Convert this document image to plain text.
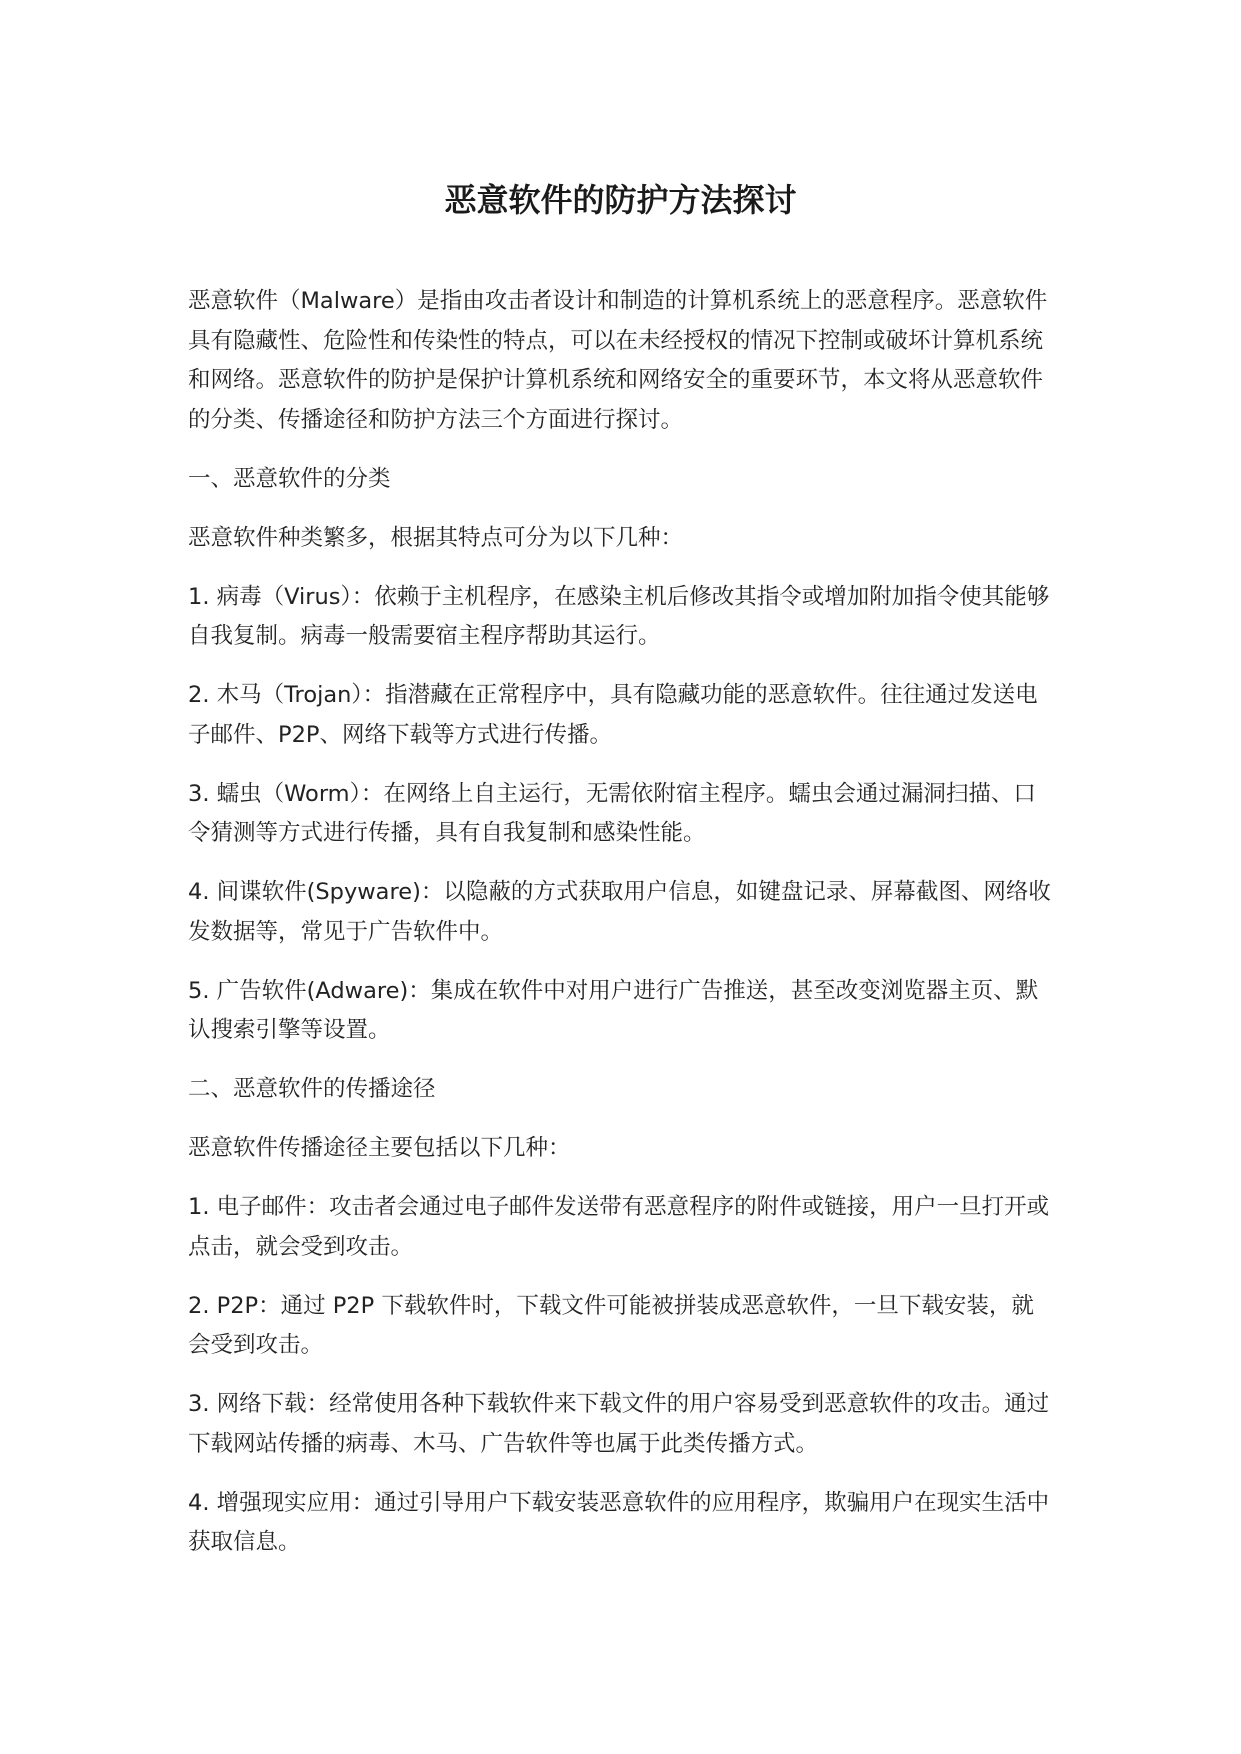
恶意软件的防护方法探讨

恶意软件（Malware）是指由攻击者设计和制造的计算机系统上的恶意程序。恶意软件具有隐藏性、危险性和传染性的特点，可以在未经授权的情况下控制或破坏计算机系统和网络。恶意软件的防护是保护计算机系统和网络安全的重要环节，本文将从恶意软件的分类、传播途径和防护方法三个方面进行探讨。

一、恶意软件的分类

恶意软件种类繁多，根据其特点可分为以下几种：

1. 病毒（Virus）：依赖于主机程序，在感染主机后修改其指令或增加附加指令使其能够自我复制。病毒一般需要宿主程序帮助其运行。

2. 木马（Trojan）：指潜藏在正常程序中，具有隐藏功能的恶意软件。往往通过发送电子邮件、P2P、网络下载等方式进行传播。

3. 蠕虫（Worm）：在网络上自主运行，无需依附宿主程序。蠕虫会通过漏洞扫描、口令猜测等方式进行传播，具有自我复制和感染性能。

4. 间谍软件(Spyware)：以隐蔽的方式获取用户信息，如键盘记录、屏幕截图、网络收发数据等，常见于广告软件中。

5. 广告软件(Adware)：集成在软件中对用户进行广告推送，甚至改变浏览器主页、默认搜索引擎等设置。

二、恶意软件的传播途径

恶意软件传播途径主要包括以下几种：

1. 电子邮件：攻击者会通过电子邮件发送带有恶意程序的附件或链接，用户一旦打开或点击，就会受到攻击。

2. P2P：通过 P2P 下载软件时，下载文件可能被拼装成恶意软件，一旦下载安装，就会受到攻击。

3. 网络下载：经常使用各种下载软件来下载文件的用户容易受到恶意软件的攻击。通过下载网站传播的病毒、木马、广告软件等也属于此类传播方式。

4. 增强现实应用：通过引导用户下载安装恶意软件的应用程序，欺骗用户在现实生活中获取信息。
